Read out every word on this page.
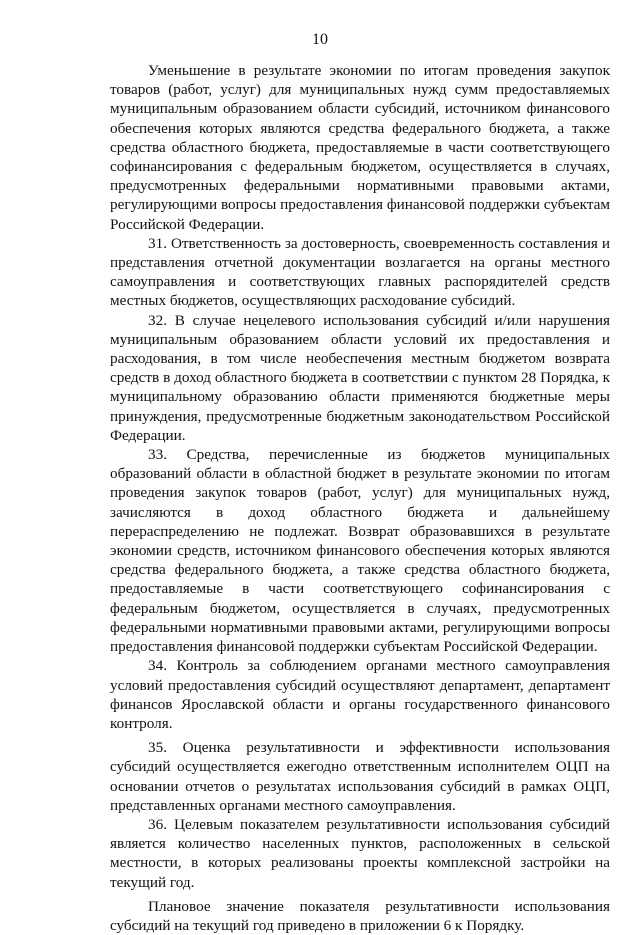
10

Уменьшение в результате экономии по итогам проведения закупок товаров (работ, услуг) для муниципальных нужд сумм предоставляемых муниципальным образованием области субсидий, источником финансового обеспечения которых являются средства федерального бюджета, а также средства областного бюджета, предоставляемые в части соответствующего софинансирования с федеральным бюджетом, осуществляется в случаях, предусмотренных федеральными нормативными правовыми актами, регулирующими вопросы предоставления финансовой поддержки субъектам Российской Федерации.

31. Ответственность за достоверность, своевременность составления и представления отчетной документации возлагается на органы местного самоуправления и соответствующих главных распорядителей средств местных бюджетов, осуществляющих расходование субсидий.

32. В случае нецелевого использования субсидий и/или нарушения муниципальным образованием области условий их предоставления и расходования, в том числе необеспечения местным бюджетом возврата средств в доход областного бюджета в соответствии с пунктом 28 Порядка, к муниципальному образованию области применяются бюджетные меры принуждения, предусмотренные бюджетным законодательством Российской Федерации.

33. Средства, перечисленные из бюджетов муниципальных образований области в областной бюджет в результате экономии по итогам проведения закупок товаров (работ, услуг) для муниципальных нужд, зачисляются в доход областного бюджета и дальнейшему перераспределению не подлежат. Возврат образовавшихся в результате экономии средств, источником финансового обеспечения которых являются средства федерального бюджета, а также средства областного бюджета, предоставляемые в части соответствующего софинансирования с федеральным бюджетом, осуществляется в случаях, предусмотренных федеральными нормативными правовыми актами, регулирующими вопросы предоставления финансовой поддержки субъектам Российской Федерации.

34. Контроль за соблюдением органами местного самоуправления условий предоставления субсидий осуществляют департамент, департамент финансов Ярославской области и органы государственного финансового контроля.

35. Оценка результативности и эффективности использования субсидий осуществляется ежегодно ответственным исполнителем ОЦП на основании отчетов о результатах использования субсидий в рамках ОЦП, представленных органами местного самоуправления.

36. Целевым показателем результативности использования субсидий является количество населенных пунктов, расположенных в сельской местности, в которых реализованы проекты комплексной застройки на текущий год.

Плановое значение показателя результативности использования субсидий на текущий год приведено в приложении 6 к Порядку.
